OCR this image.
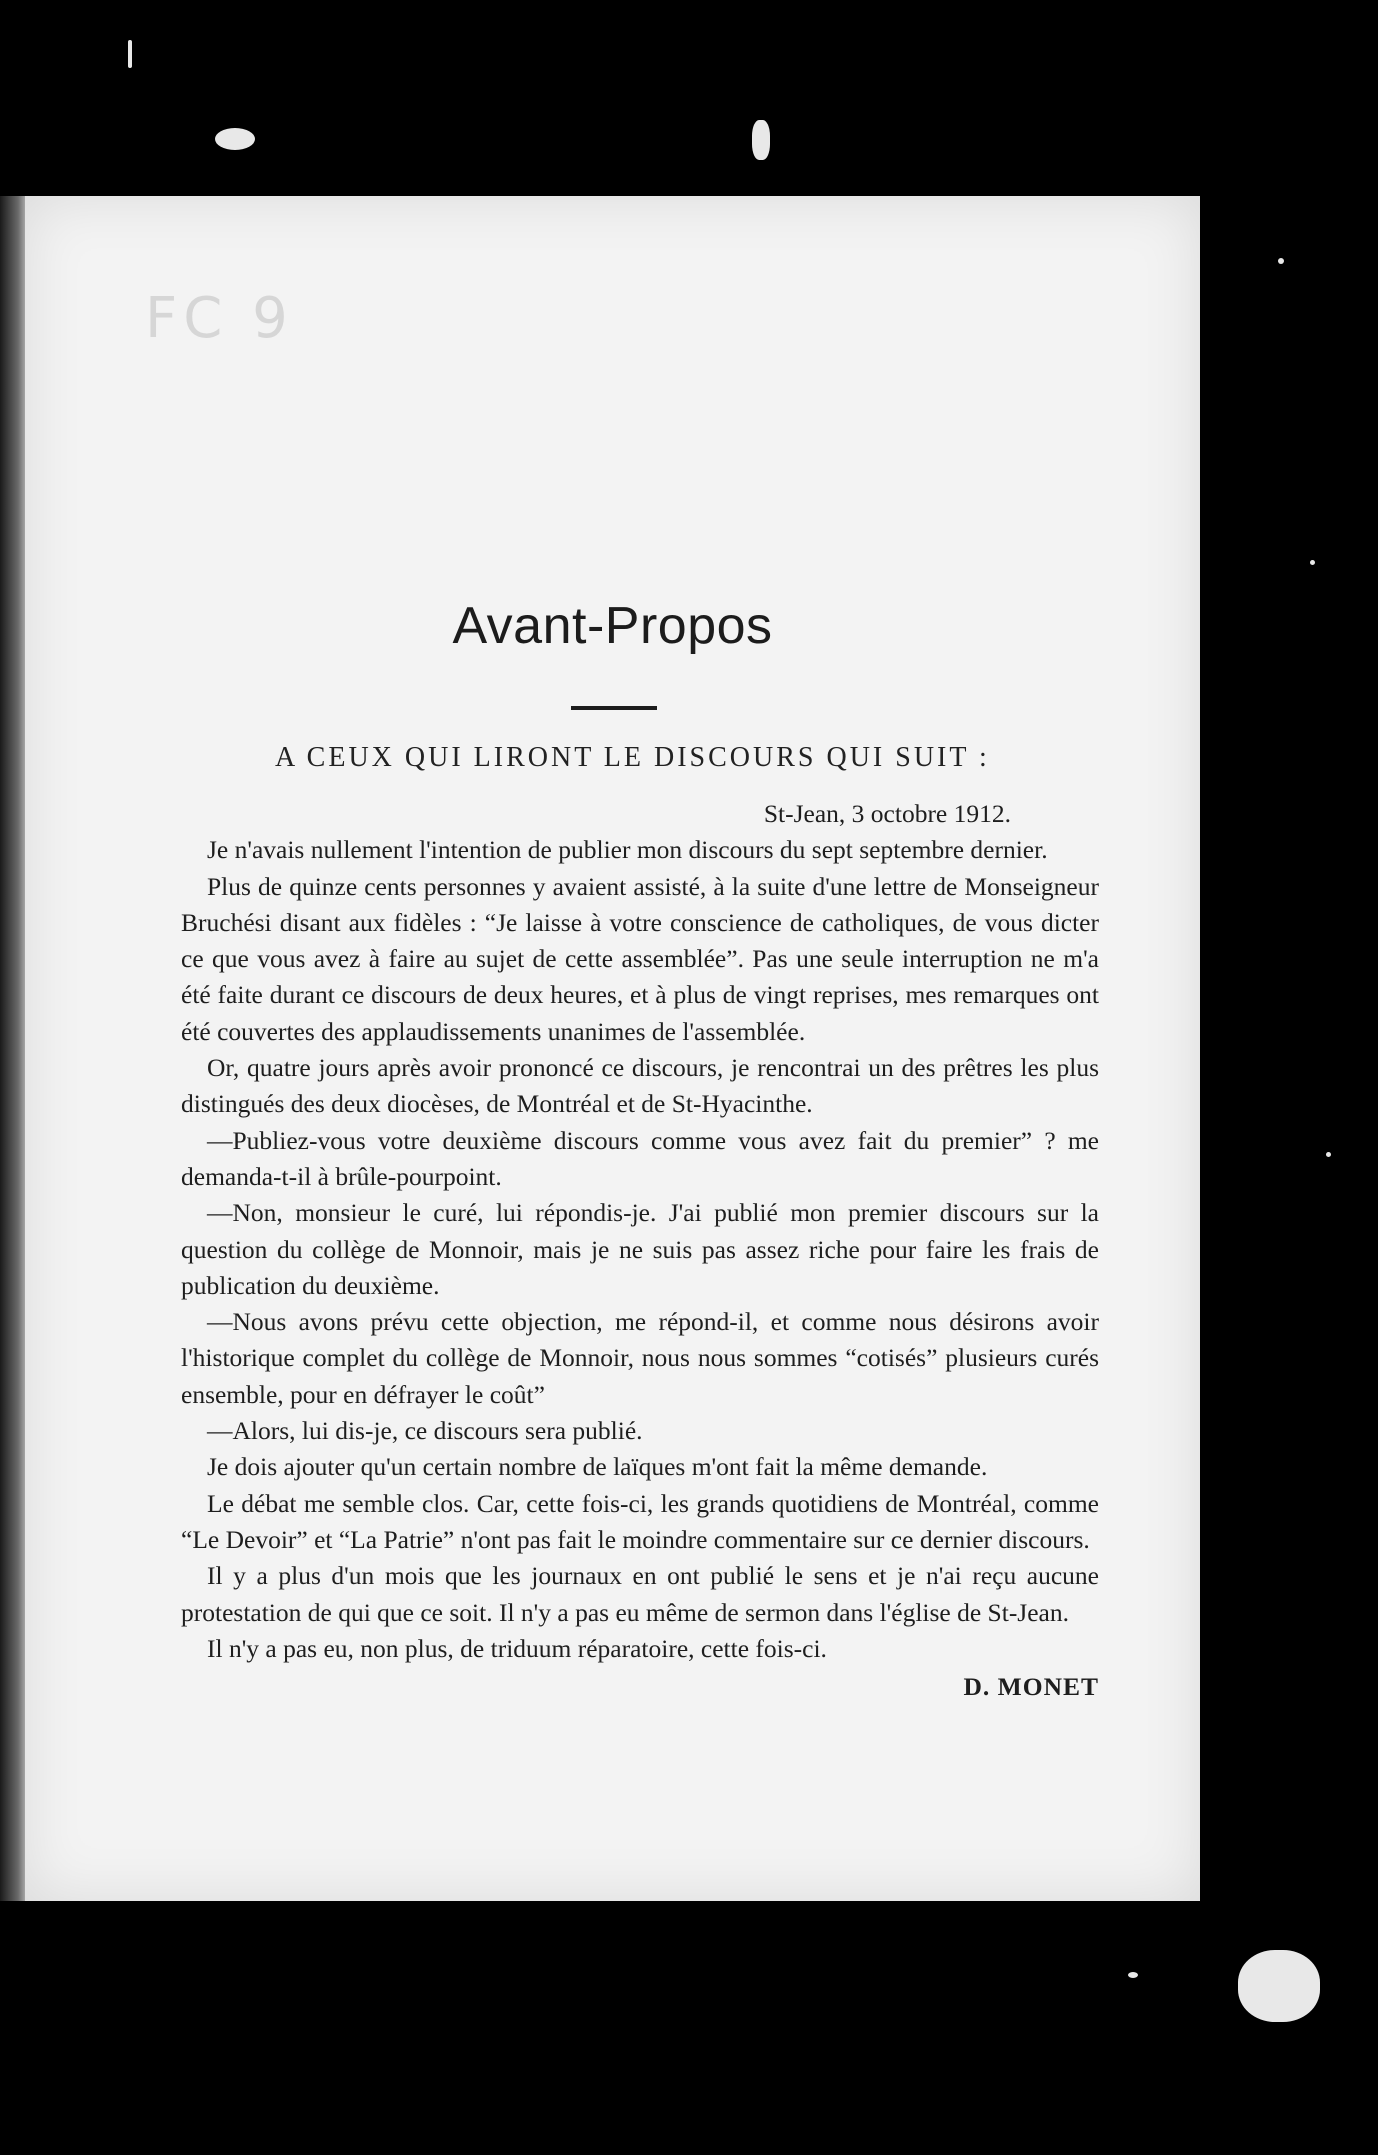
FC 9
Avant-Propos
A CEUX QUI LIRONT LE DISCOURS QUI SUIT :
St-Jean, 3 octobre 1912.

Je n'avais nullement l'intention de publier mon discours du sept septembre dernier.

Plus de quinze cents personnes y avaient assisté, à la suite d'une lettre de Monseigneur Bruchési disant aux fidèles : “Je laisse à votre conscience de catholiques, de vous dicter ce que vous avez à faire au sujet de cette assemblée”. Pas une seule interruption ne m'a été faite durant ce discours de deux heures, et à plus de vingt reprises, mes remarques ont été couvertes des applaudissements unanimes de l'assemblée.

Or, quatre jours après avoir prononcé ce discours, je rencontrai un des prêtres les plus distingués des deux diocèses, de Montréal et de St-Hyacinthe.

—Publiez-vous votre deuxième discours comme vous avez fait du premier” ? me demanda-t-il à brûle-pourpoint.

—Non, monsieur le curé, lui répondis-je. J'ai publié mon premier discours sur la question du collège de Monnoir, mais je ne suis pas assez riche pour faire les frais de publication du deuxième.

—Nous avons prévu cette objection, me répond-il, et comme nous désirons avoir l'historique complet du collège de Monnoir, nous nous sommes “cotisés” plusieurs curés ensemble, pour en défrayer le coût”

—Alors, lui dis-je, ce discours sera publié.

Je dois ajouter qu'un certain nombre de laïques m'ont fait la même demande.

Le débat me semble clos. Car, cette fois-ci, les grands quotidiens de Montréal, comme “Le Devoir” et “La Patrie” n'ont pas fait le moindre commentaire sur ce dernier discours.

Il y a plus d'un mois que les journaux en ont publié le sens et je n'ai reçu aucune protestation de qui que ce soit. Il n'y a pas eu même de sermon dans l'église de St-Jean.

Il n'y a pas eu, non plus, de triduum réparatoire, cette fois-ci.

D. MONET
